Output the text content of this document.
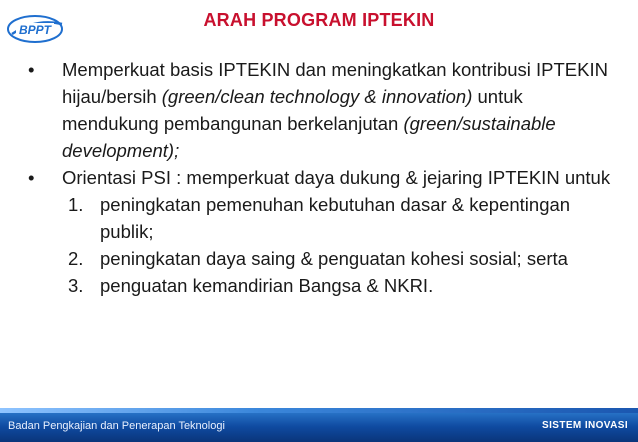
BPPT	ARAH PROGRAM IPTEKIN
•	Memperkuat basis IPTEKIN dan meningkatkan kontribusi IPTEKIN hijau/bersih (green/clean technology & innovation) untuk mendukung pembangunan berkelanjutan (green/sustainable development);
•	Orientasi PSI : memperkuat daya dukung & jejaring IPTEKIN untuk
1. peningkatan pemenuhan kebutuhan dasar & kepentingan publik;
2. peningkatan daya saing & penguatan kohesi sosial; serta
3. penguatan kemandirian Bangsa & NKRI.
Badan Pengkajian dan Penerapan Teknologi	SISTEM INOVASI
